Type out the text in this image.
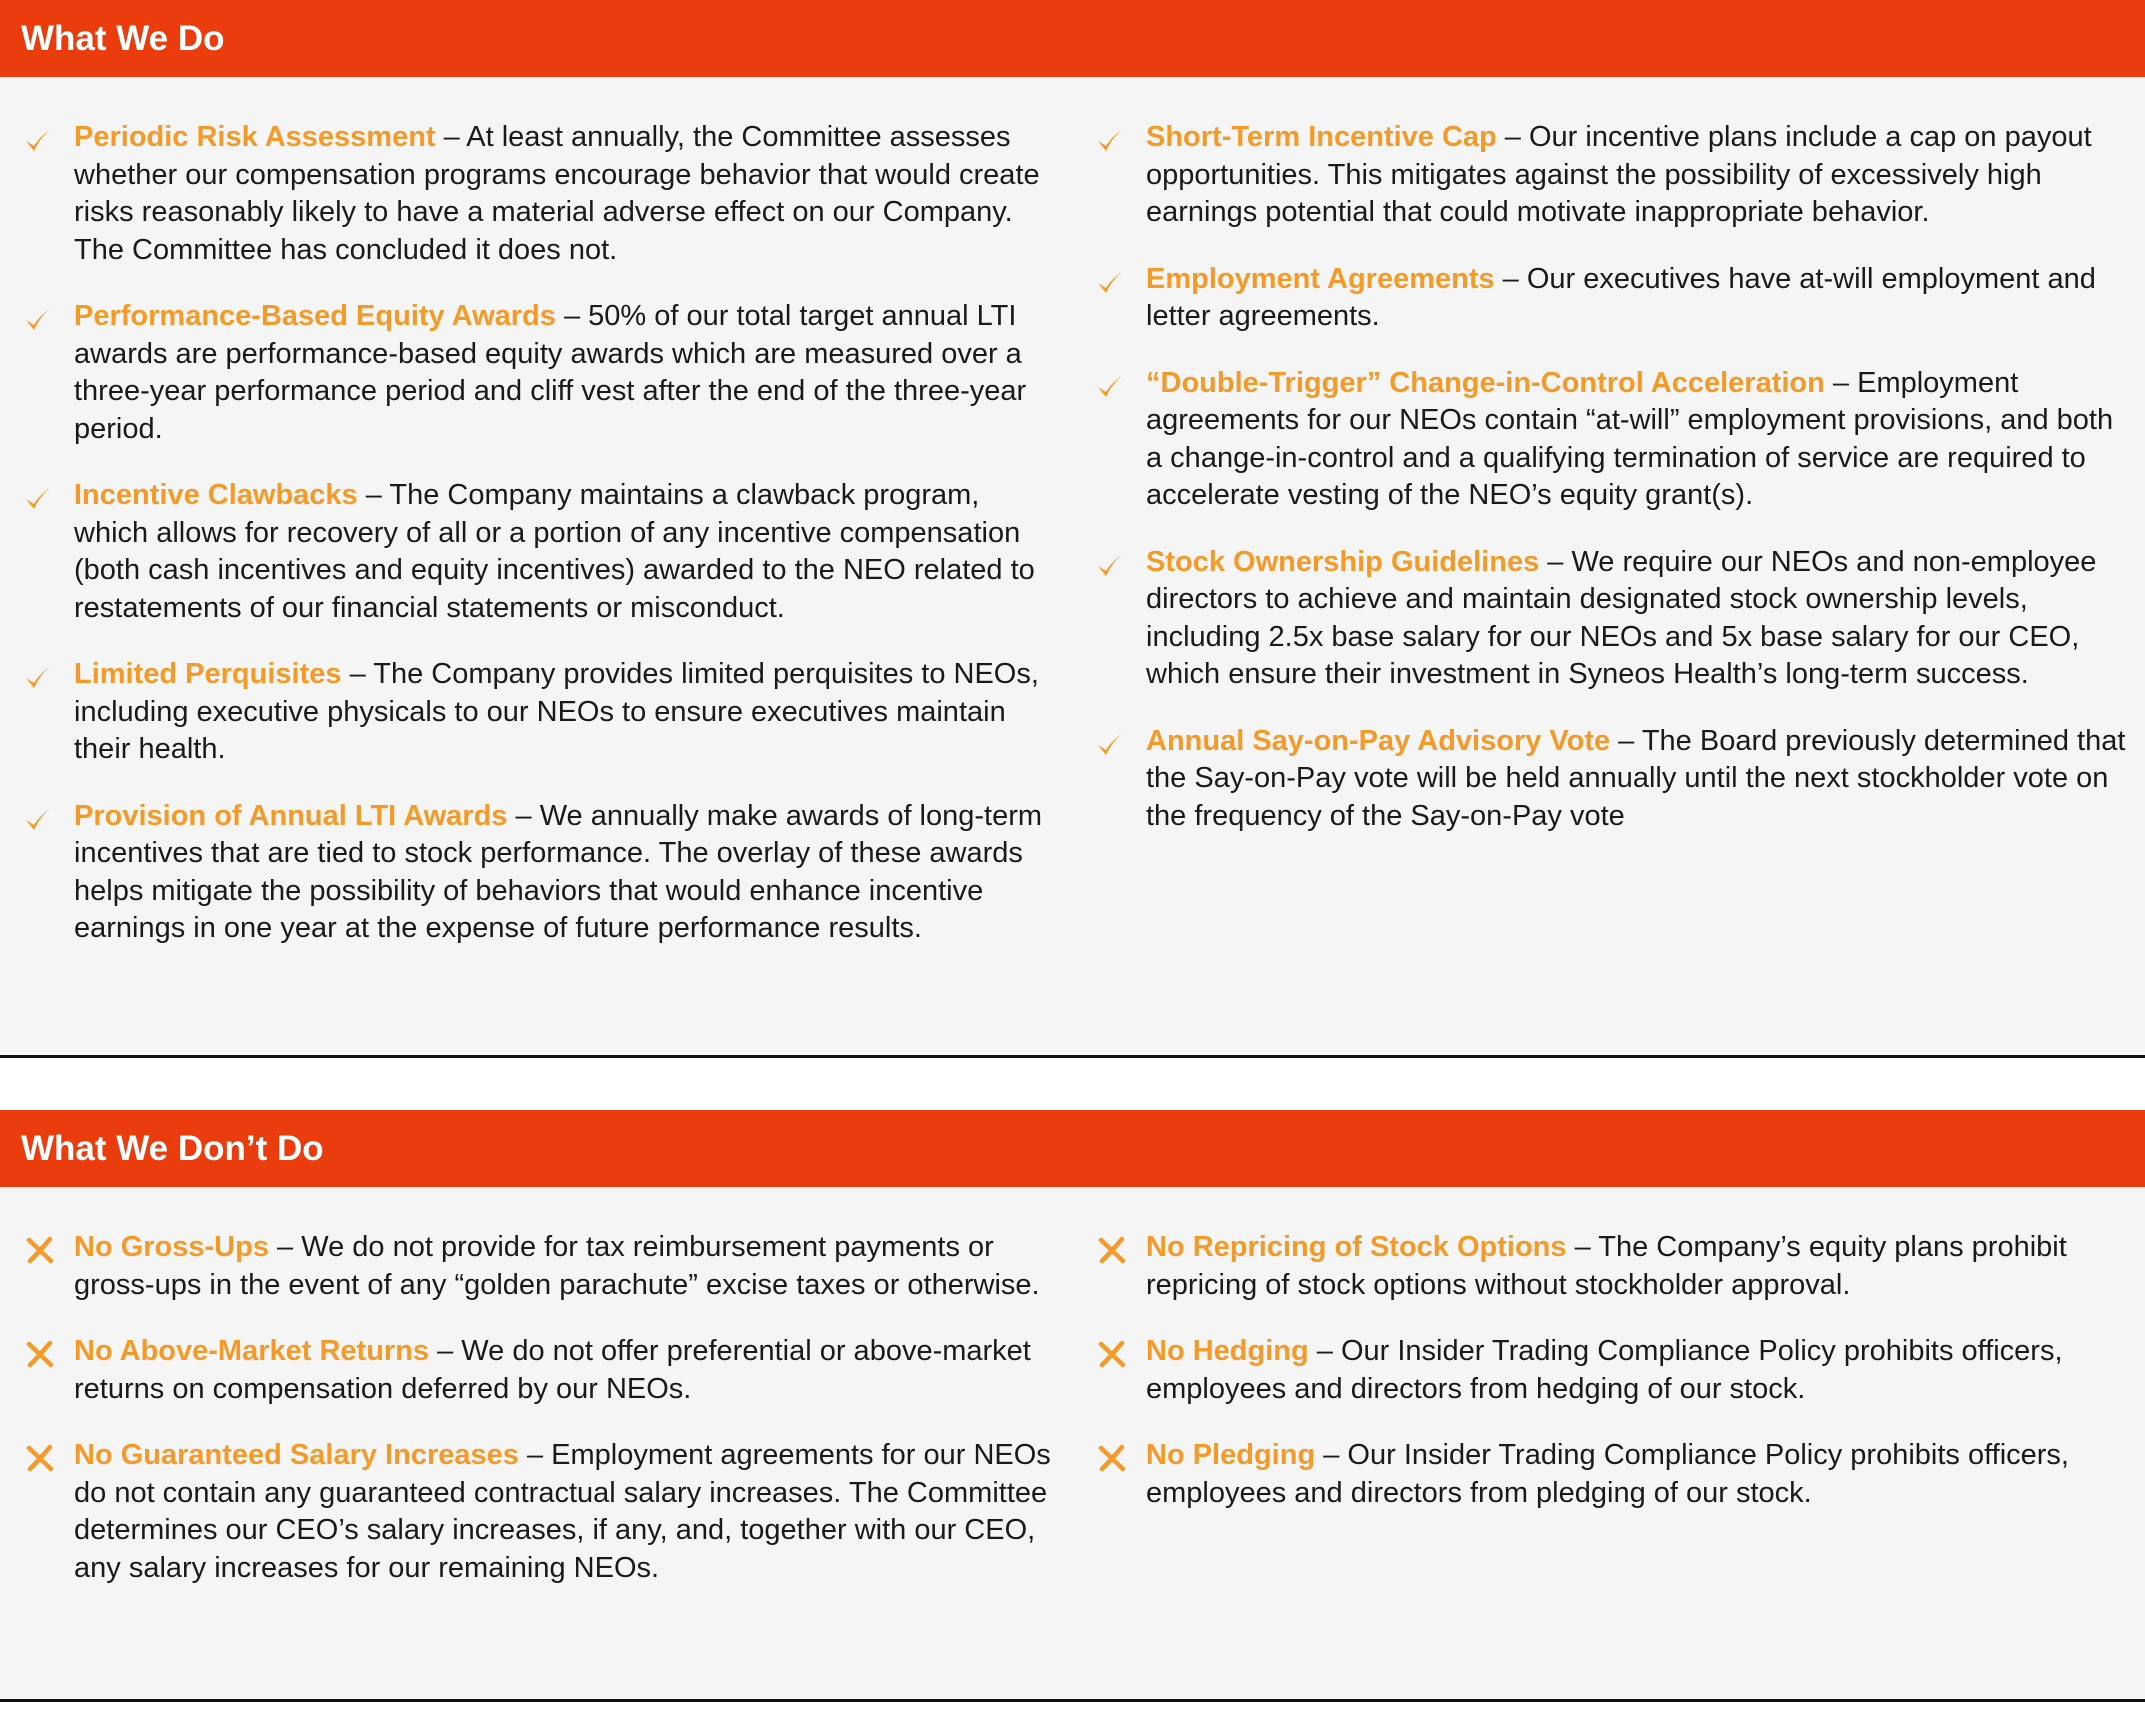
What We Do

Periodic Risk Assessment – At least annually, the Committee assesses whether our compensation programs encourage behavior that would create risks reasonably likely to have a material adverse effect on our Company. The Committee has concluded it does not.

Performance-Based Equity Awards – 50% of our total target annual LTI awards are performance-based equity awards which are measured over a three-year performance period and cliff vest after the end of the three-year period.

Incentive Clawbacks – The Company maintains a clawback program, which allows for recovery of all or a portion of any incentive compensation (both cash incentives and equity incentives) awarded to the NEO related to restatements of our financial statements or misconduct.

Limited Perquisites – The Company provides limited perquisites to NEOs, including executive physicals to our NEOs to ensure executives maintain their health.

Provision of Annual LTI Awards – We annually make awards of long-term incentives that are tied to stock performance. The overlay of these awards helps mitigate the possibility of behaviors that would enhance incentive earnings in one year at the expense of future performance results.

Short-Term Incentive Cap – Our incentive plans include a cap on payout opportunities. This mitigates against the possibility of excessively high earnings potential that could motivate inappropriate behavior.

Employment Agreements – Our executives have at-will employment and letter agreements.

“Double-Trigger” Change-in-Control Acceleration – Employment agreements for our NEOs contain “at-will” employment provisions, and both a change-in-control and a qualifying termination of service are required to accelerate vesting of the NEO’s equity grant(s).

Stock Ownership Guidelines – We require our NEOs and non-employee directors to achieve and maintain designated stock ownership levels, including 2.5x base salary for our NEOs and 5x base salary for our CEO, which ensure their investment in Syneos Health’s long-term success.

Annual Say-on-Pay Advisory Vote – The Board previously determined that the Say-on-Pay vote will be held annually until the next stockholder vote on the frequency of the Say-on-Pay vote

What We Don’t Do

No Gross-Ups – We do not provide for tax reimbursement payments or gross-ups in the event of any “golden parachute” excise taxes or otherwise.

No Above-Market Returns – We do not offer preferential or above-market returns on compensation deferred by our NEOs.

No Guaranteed Salary Increases – Employment agreements for our NEOs do not contain any guaranteed contractual salary increases. The Committee determines our CEO’s salary increases, if any, and, together with our CEO, any salary increases for our remaining NEOs.

No Repricing of Stock Options – The Company’s equity plans prohibit repricing of stock options without stockholder approval.

No Hedging – Our Insider Trading Compliance Policy prohibits officers, employees and directors from hedging of our stock.

No Pledging – Our Insider Trading Compliance Policy prohibits officers, employees and directors from pledging of our stock.
